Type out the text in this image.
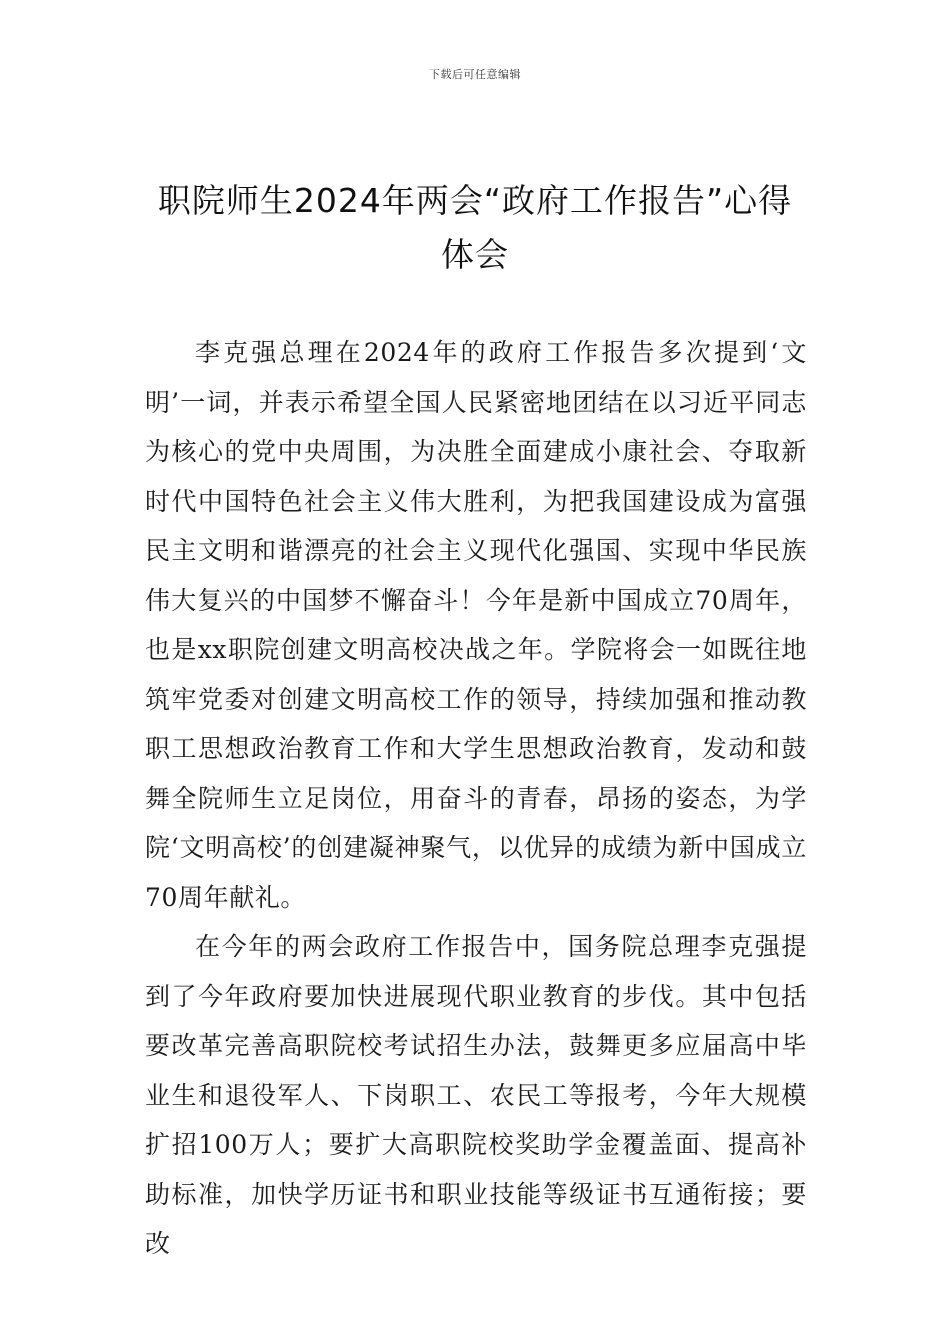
下载后可任意编辑
职院师生2024年两会“政府工作报告”心得体会

李克强总理在2024年的政府工作报告多次提到‘文明’一词，并表示希望全国人民紧密地团结在以习近平同志为核心的党中央周围，为决胜全面建成小康社会、夺取新时代中国特色社会主义伟大胜利，为把我国建设成为富强民主文明和谐漂亮的社会主义现代化强国、实现中华民族伟大复兴的中国梦不懈奋斗！今年是新中国成立70周年，也是xx职院创建文明高校决战之年。学院将会一如既往地筑牢党委对创建文明高校工作的领导，持续加强和推动教职工思想政治教育工作和大学生思想政治教育，发动和鼓舞全院师生立足岗位，用奋斗的青春，昂扬的姿态，为学院‘文明高校’的创建凝神聚气，以优异的成绩为新中国成立70周年献礼。

在今年的两会政府工作报告中，国务院总理李克强提到了今年政府要加快进展现代职业教育的步伐。其中包括要改革完善高职院校考试招生办法，鼓舞更多应届高中毕业生和退役军人、下岗职工、农民工等报考，今年大规模扩招100万人；要扩大高职院校奖助学金覆盖面、提高补助标准，加快学历证书和职业技能等级证书互通衔接；要改
